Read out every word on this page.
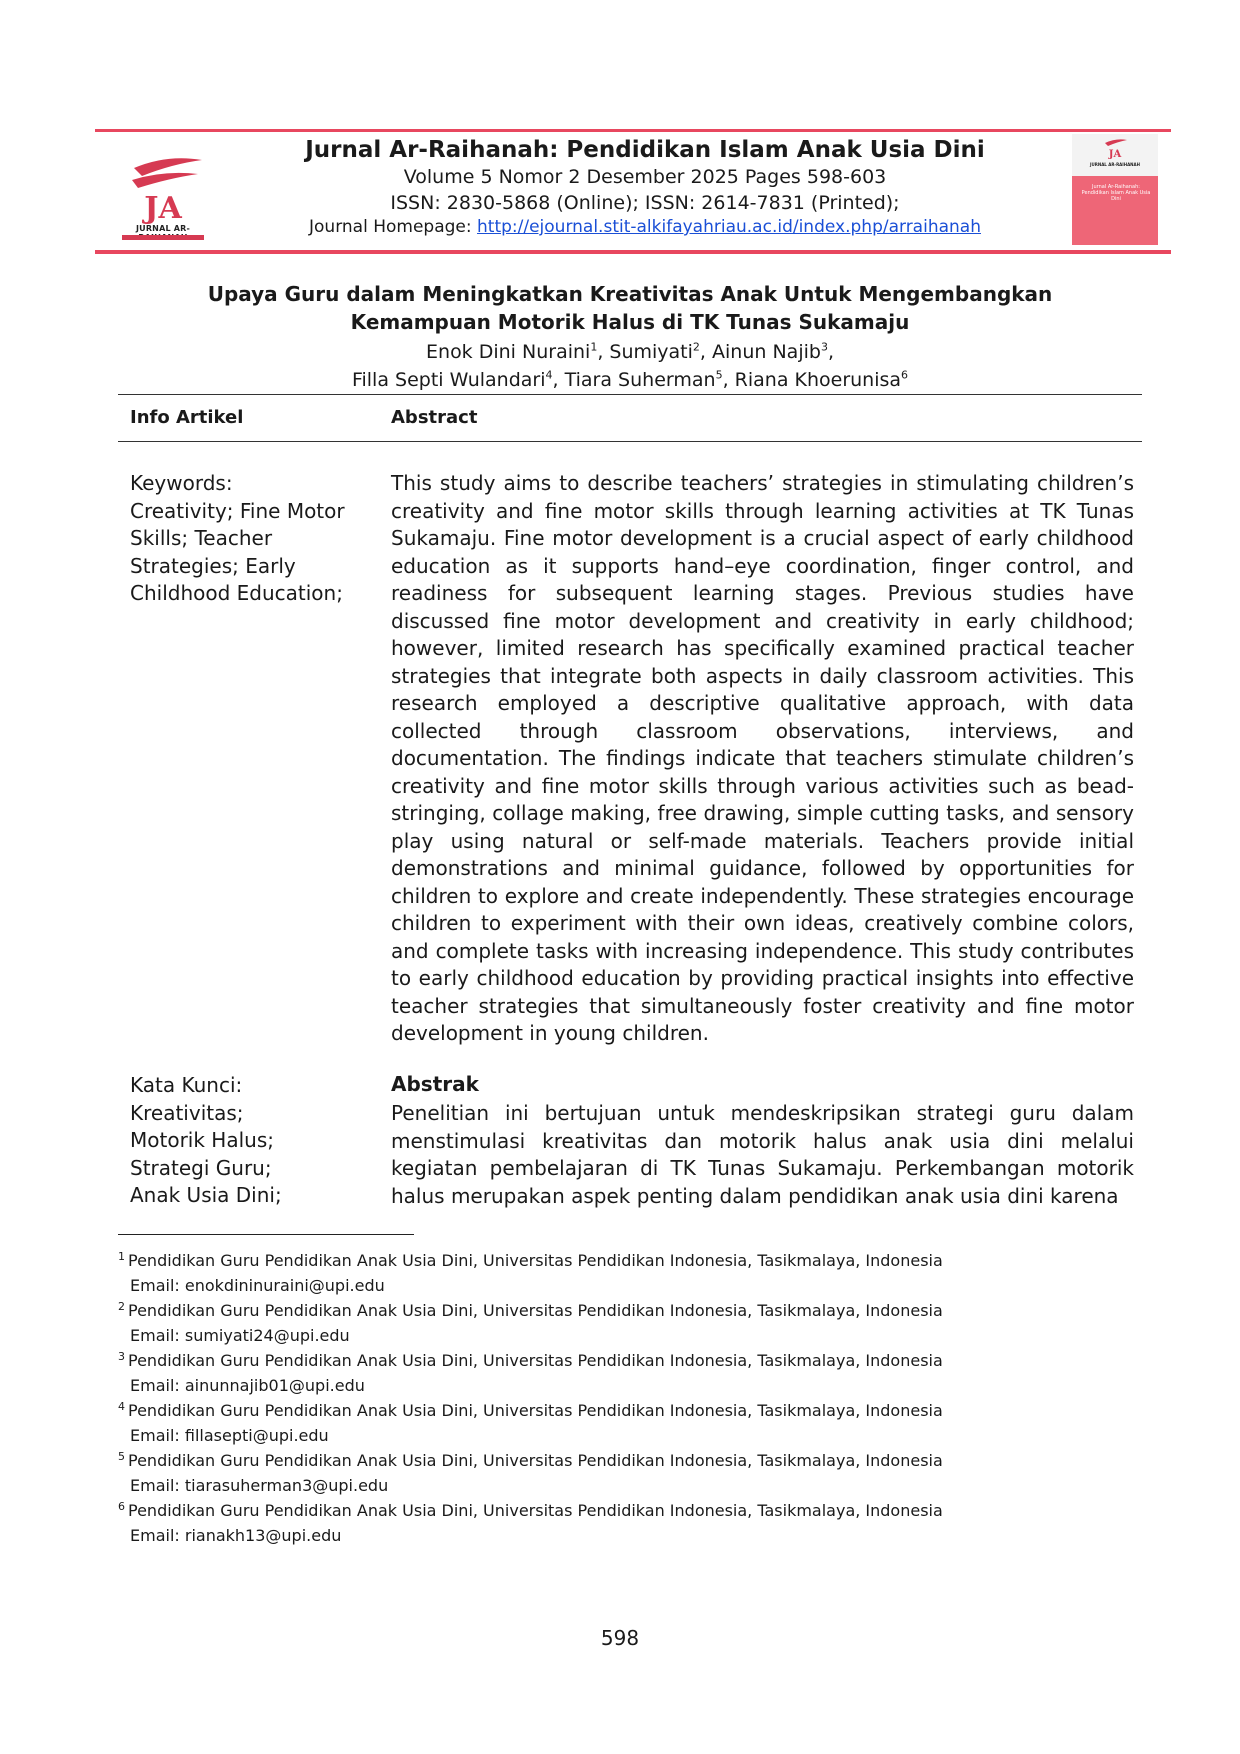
JA
JURNAL AR-
Jurnal Ar-Raihanah: Pendidikan Islam Anak Usia Dini
Volume 5 Nomor 2 Desember 2025 Pages 598-603
ISSN: 2830-5868 (Online); ISSN: 2614-7831 (Printed);
Journal Homepage: http://ejournal.stit-alkifayahriau.ac.id/index.php/arraihanah
JA
JURNAL AR-RAIHANAH
Jurnal Ar-Raihanah: Pendidikan Islam Anak Usia Dini
Upaya Guru dalam Meningkatkan Kreativitas Anak Untuk Mengembangkan
Kemampuan Motorik Halus di TK Tunas Sukamaju
Enok Dini Nuraini$^1$, Sumiyati$^2$, Ainun Najib$^3$,
Filla Septi Wulandari$^4$, Tiara Suherman$^5$, Riana Khoerunisa$^6$
Info Artikel	Abstract
Keywords:
Creativity; Fine Motor
Skills; Teacher
Strategies; Early
Childhood Education;
This study aims to describe teachers’ strategies in stimulating children’s creativity and fine motor skills through learning activities at TK Tunas Sukamaju. Fine motor development is a crucial aspect of early childhood education as it supports hand–eye coordination, finger control, and readiness for subsequent learning stages. Previous studies have discussed fine motor development and creativity in early childhood; however, limited research has specifically examined practical teacher strategies that integrate both aspects in daily classroom activities. This research employed a descriptive qualitative approach, with data collected through classroom observations, interviews, and documentation. The findings indicate that teachers stimulate children’s creativity and fine motor skills through various activities such as bead-stringing, collage making, free drawing, simple cutting tasks, and sensory play using natural or self-made materials. Teachers provide initial demonstrations and minimal guidance, followed by opportunities for children to explore and create independently. These strategies encourage children to experiment with their own ideas, creatively combine colors, and complete tasks with increasing independence. This study contributes to early childhood education by providing practical insights into effective teacher strategies that simultaneously foster creativity and fine motor development in young children.
Kata Kunci:
Kreativitas;
Motorik Halus;
Strategi Guru;
Anak Usia Dini;
Abstrak
Penelitian ini bertujuan untuk mendeskripsikan strategi guru dalam menstimulasi kreativitas dan motorik halus anak usia dini melalui kegiatan pembelajaran di TK Tunas Sukamaju. Perkembangan motorik halus merupakan aspek penting dalam pendidikan anak usia dini karena
$^1$ Pendidikan Guru Pendidikan Anak Usia Dini, Universitas Pendidikan Indonesia, Tasikmalaya, Indonesia
Email: enokdininuraini@upi.edu
$^2$ Pendidikan Guru Pendidikan Anak Usia Dini, Universitas Pendidikan Indonesia, Tasikmalaya, Indonesia
Email: sumiyati24@upi.edu
$^3$ Pendidikan Guru Pendidikan Anak Usia Dini, Universitas Pendidikan Indonesia, Tasikmalaya, Indonesia
Email: ainunnajib01@upi.edu
$^4$ Pendidikan Guru Pendidikan Anak Usia Dini, Universitas Pendidikan Indonesia, Tasikmalaya, Indonesia
Email: fillasepti@upi.edu
$^5$ Pendidikan Guru Pendidikan Anak Usia Dini, Universitas Pendidikan Indonesia, Tasikmalaya, Indonesia
Email: tiarasuherman3@upi.edu
$^6$ Pendidikan Guru Pendidikan Anak Usia Dini, Universitas Pendidikan Indonesia, Tasikmalaya, Indonesia
Email: rianakh13@upi.edu
598
